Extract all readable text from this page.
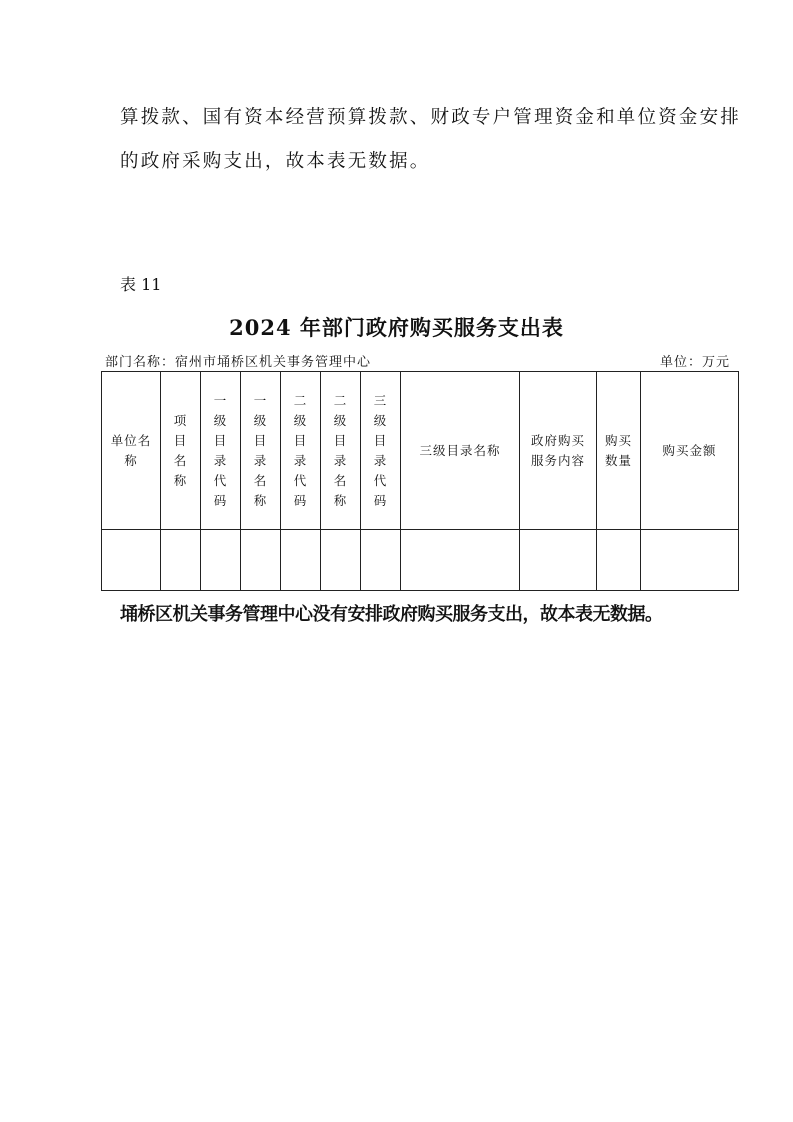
算拨款、国有资本经营预算拨款、财政专户管理资金和单位资金安排
的政府采购支出，故本表无数据。
表 11
2024 年部门政府购买服务支出表
部门名称：宿州市埇桥区机关事务管理中心	单位：万元
单位名称	项目名称	一级目录代码	一级目录名称	二级目录代码	二级目录名称	三级目录代码	三级目录名称	政府购买服务内容	购买数量	购买金额

埇桥区机关事务管理中心没有安排政府购买服务支出，故本表无数据。
